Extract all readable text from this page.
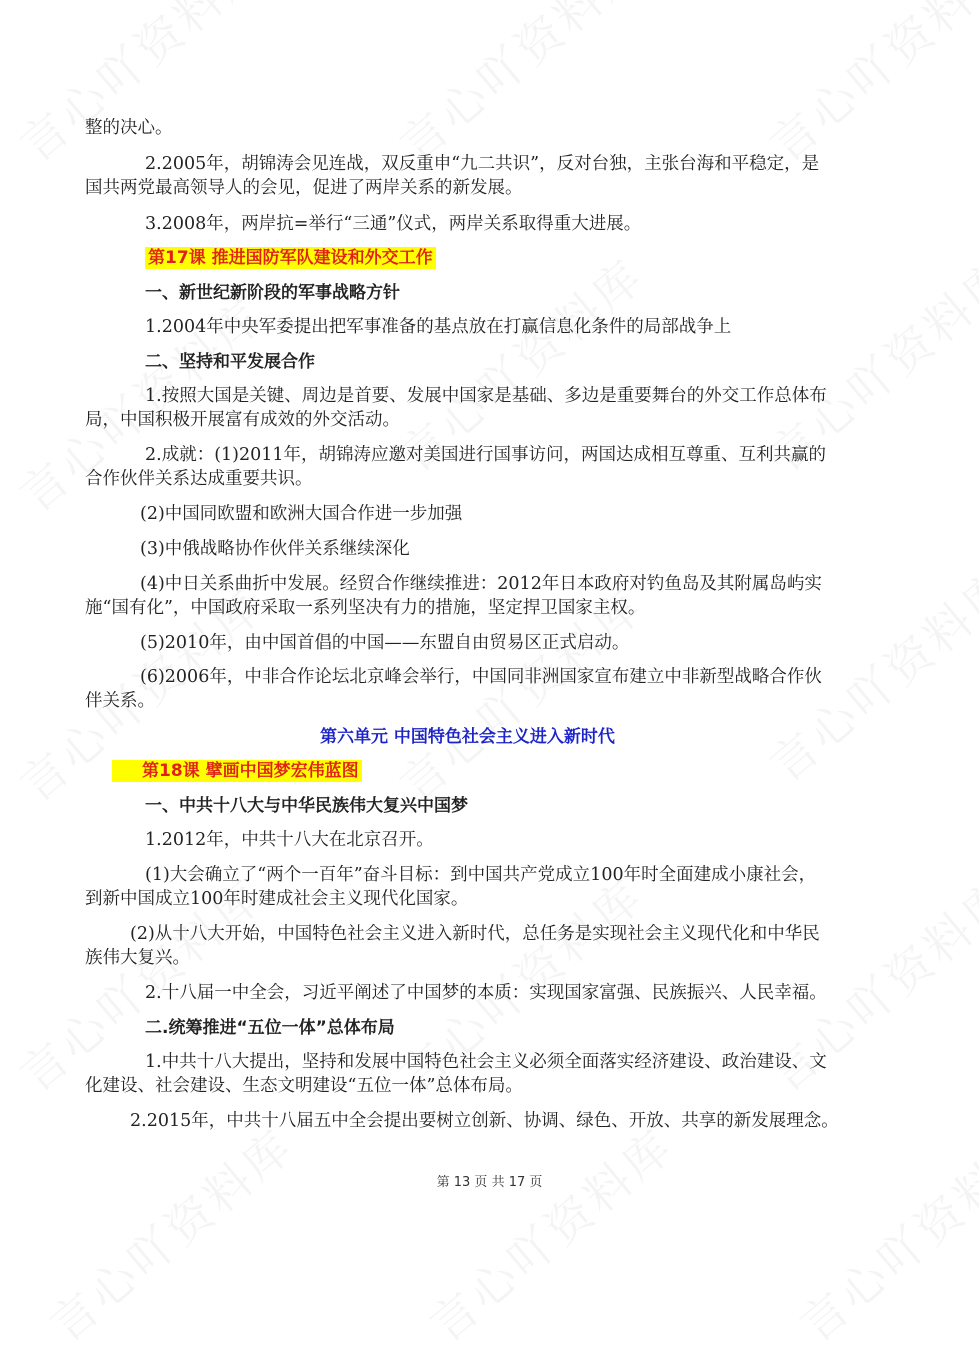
整的决心。
2.2005年，胡锦涛会见连战，双反重申“九二共识”，反对台独，主张台海和平稳定，是
国共两党最高领导人的会见，促进了两岸关系的新发展。
3.2008年，两岸抗=举行“三通”仪式，两岸关系取得重大进展。
第17课 推进国防军队建设和外交工作
一、新世纪新阶段的军事战略方针
1.2004年中央军委提出把军事准备的基点放在打赢信息化条件的局部战争上
二、坚持和平发展合作
1.按照大国是关键、周边是首要、发展中国家是基础、多边是重要舞台的外交工作总体布
局，中国积极开展富有成效的外交活动。
2.成就：(1)2011年，胡锦涛应邀对美国进行国事访问，两国达成相互尊重、互利共赢的
合作伙伴关系达成重要共识。
(2)中国同欧盟和欧洲大国合作进一步加强
(3)中俄战略协作伙伴关系继续深化
(4)中日关系曲折中发展。经贸合作继续推进：2012年日本政府对钓鱼岛及其附属岛屿实
施“国有化”，中国政府采取一系列坚决有力的措施，坚定捍卫国家主权。
(5)2010年，由中国首倡的中国——东盟自由贸易区正式启动。
(6)2006年，中非合作论坛北京峰会举行，中国同非洲国家宣布建立中非新型战略合作伙
伴关系。
第六单元 中国特色社会主义进入新时代
第18课 擘画中国梦宏伟蓝图
一、中共十八大与中华民族伟大复兴中国梦
1.2012年，中共十八大在北京召开。
(1)大会确立了“两个一百年”奋斗目标：到中国共产党成立100年时全面建成小康社会，
到新中国成立100年时建成社会主义现代化国家。
(2)从十八大开始，中国特色社会主义进入新时代，总任务是实现社会主义现代化和中华民
族伟大复兴。
2.十八届一中全会，习近平阐述了中国梦的本质：实现国家富强、民族振兴、人民幸福。
二.统筹推进“五位一体”总体布局
1.中共十八大提出，坚持和发展中国特色社会主义必须全面落实经济建设、政治建设、文
化建设、社会建设、生态文明建设“五位一体”总体布局。
2.2015年，中共十八届五中全会提出要树立创新、协调、绿色、开放、共享的新发展理念。
第 13 页 共 17 页
